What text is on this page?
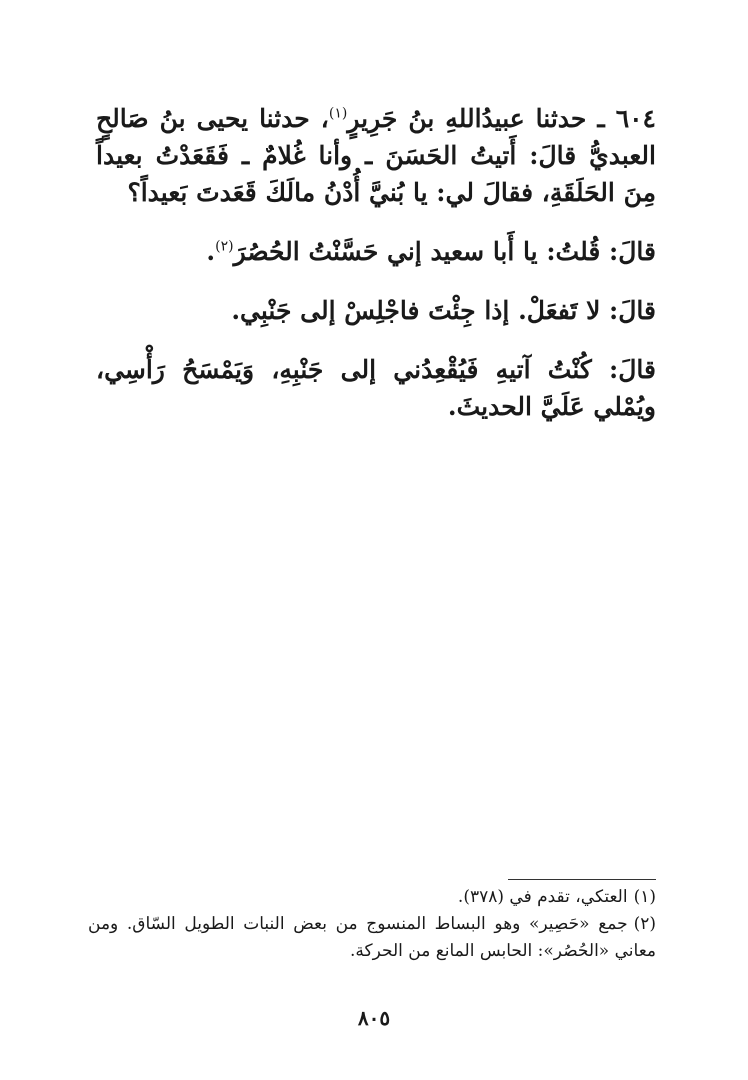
٦٠٤ ـ حدثنا عبيدُاللهِ بنُ جَرِيرٍ$^{(١)}$، حدثنا يحيى بنُ صَالحٍ العبديُّ قالَ: أَتيتُ الحَسَنَ ـ وأنا غُلامٌ ـ فَقَعَدْتُ بعيداً مِنَ الحَلَقَةِ، فقالَ لي: يا بُنيَّ أُدْنُ مالَكَ قَعَدتَ بَعيداً؟

قالَ: قُلتُ: يا أَبا سعيد إني حَسَّنْتُ الحُصُرَ$^{(٢)}$.

قالَ: لا تَفعَلْ. إذا جِئْتَ فاجْلِسْ إلى جَنْبِي.

قالَ: كُنْتُ آتيهِ فَيُقْعِدُني إلى جَنْبِهِ، وَيَمْسَحُ رَأْسِي، ويُمْلي عَلَيَّ الحديثَ.

(١)العتكي، تقدم في (٣٧٨).

(٢)جمع «حَصِير» وهو البساط المنسوج من بعض النبات الطويل السّاق. ومن معاني «الحُصُر»: الحابس المانع من الحركة.

٨٠٥
